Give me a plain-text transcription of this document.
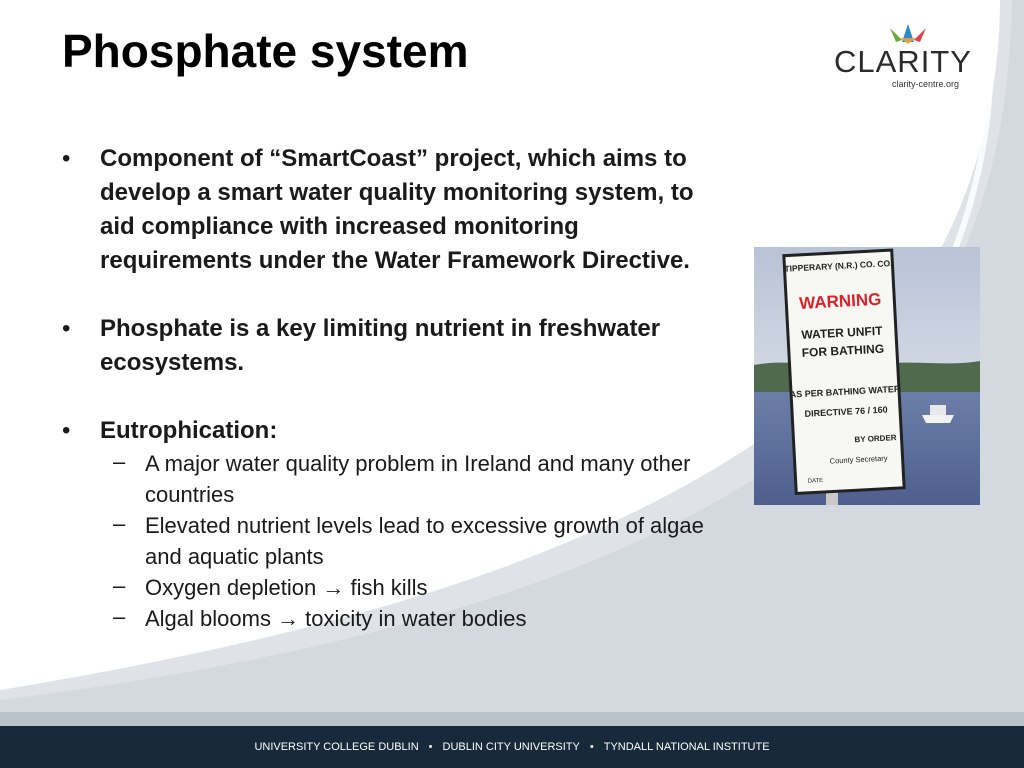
Phosphate system	CLARITY
clarity-centre.org
• Component of “SmartCoast” project, which aims to develop a smart water quality monitoring system, to aid compliance with increased monitoring requirements under the Water Framework Directive.
• Phosphate is a key limiting nutrient in freshwater ecosystems.
• Eutrophication:
– A major water quality problem in Ireland and many other countries
– Elevated nutrient levels lead to excessive growth of algae and aquatic plants
– Oxygen depletion → fish kills
– Algal blooms → toxicity in water bodies
TIPPERARY (N.R.) CO. CO.
WARNING
WATER UNFIT
FOR BATHING
AS PER BATHING WATER
DIRECTIVE 76 / 160
BY ORDER
County Secretary
DATE
UNIVERSITY COLLEGE DUBLIN • DUBLIN CITY UNIVERSITY • TYNDALL NATIONAL INSTITUTE
